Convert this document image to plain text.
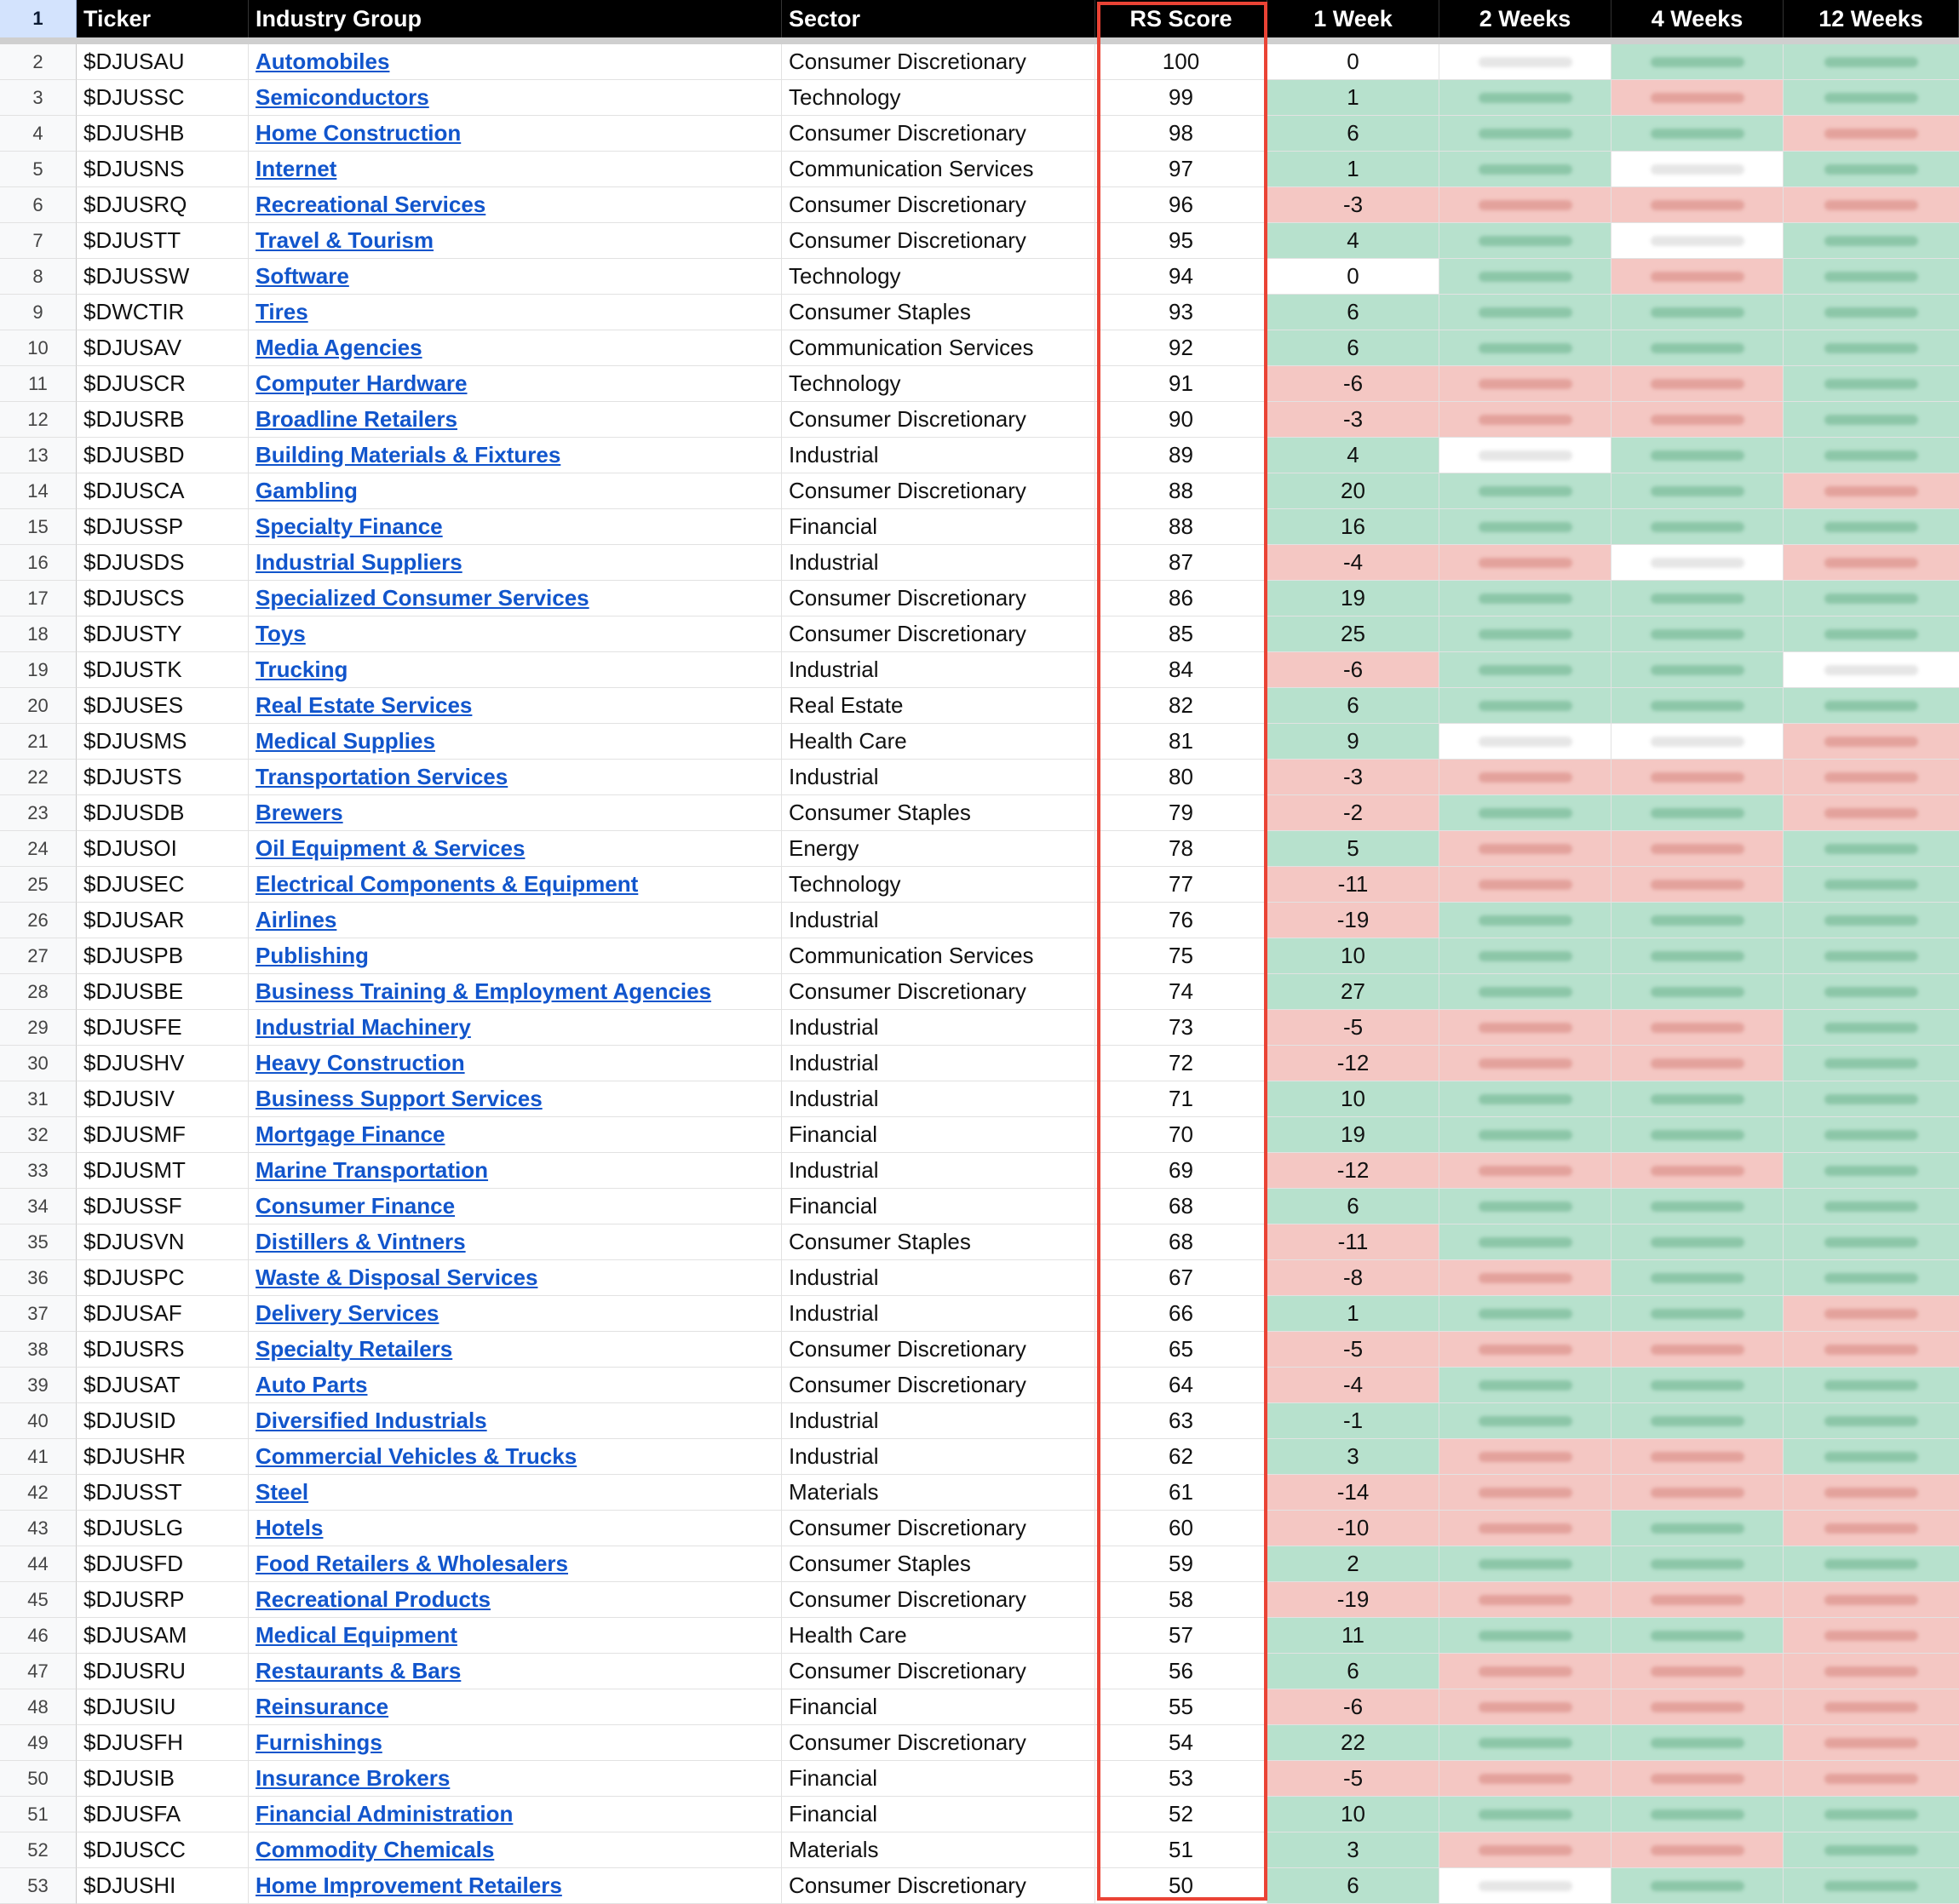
1	Ticker	Industry Group	Sector	RS Score	1 Week	2 Weeks	4 Weeks	12 Weeks
2	$DJUSAU	Automobiles	Consumer Discretionary	100	0
3	$DJUSSC	Semiconductors	Technology	99	1
4	$DJUSHB	Home Construction	Consumer Discretionary	98	6
5	$DJUSNS	Internet	Communication Services	97	1
6	$DJUSRQ	Recreational Services	Consumer Discretionary	96	-3
7	$DJUSTT	Travel & Tourism	Consumer Discretionary	95	4
8	$DJUSSW	Software	Technology	94	0
9	$DWCTIR	Tires	Consumer Staples	93	6
10	$DJUSAV	Media Agencies	Communication Services	92	6
11	$DJUSCR	Computer Hardware	Technology	91	-6
12	$DJUSRB	Broadline Retailers	Consumer Discretionary	90	-3
13	$DJUSBD	Building Materials & Fixtures	Industrial	89	4
14	$DJUSCA	Gambling	Consumer Discretionary	88	20
15	$DJUSSP	Specialty Finance	Financial	88	16
16	$DJUSDS	Industrial Suppliers	Industrial	87	-4
17	$DJUSCS	Specialized Consumer Services	Consumer Discretionary	86	19
18	$DJUSTY	Toys	Consumer Discretionary	85	25
19	$DJUSTK	Trucking	Industrial	84	-6
20	$DJUSES	Real Estate Services	Real Estate	82	6
21	$DJUSMS	Medical Supplies	Health Care	81	9
22	$DJUSTS	Transportation Services	Industrial	80	-3
23	$DJUSDB	Brewers	Consumer Staples	79	-2
24	$DJUSOI	Oil Equipment & Services	Energy	78	5
25	$DJUSEC	Electrical Components & Equipment	Technology	77	-11
26	$DJUSAR	Airlines	Industrial	76	-19
27	$DJUSPB	Publishing	Communication Services	75	10
28	$DJUSBE	Business Training & Employment Agencies	Consumer Discretionary	74	27
29	$DJUSFE	Industrial Machinery	Industrial	73	-5
30	$DJUSHV	Heavy Construction	Industrial	72	-12
31	$DJUSIV	Business Support Services	Industrial	71	10
32	$DJUSMF	Mortgage Finance	Financial	70	19
33	$DJUSMT	Marine Transportation	Industrial	69	-12
34	$DJUSSF	Consumer Finance	Financial	68	6
35	$DJUSVN	Distillers & Vintners	Consumer Staples	68	-11
36	$DJUSPC	Waste & Disposal Services	Industrial	67	-8
37	$DJUSAF	Delivery Services	Industrial	66	1
38	$DJUSRS	Specialty Retailers	Consumer Discretionary	65	-5
39	$DJUSAT	Auto Parts	Consumer Discretionary	64	-4
40	$DJUSID	Diversified Industrials	Industrial	63	-1
41	$DJUSHR	Commercial Vehicles & Trucks	Industrial	62	3
42	$DJUSST	Steel	Materials	61	-14
43	$DJUSLG	Hotels	Consumer Discretionary	60	-10
44	$DJUSFD	Food Retailers & Wholesalers	Consumer Staples	59	2
45	$DJUSRP	Recreational Products	Consumer Discretionary	58	-19
46	$DJUSAM	Medical Equipment	Health Care	57	11
47	$DJUSRU	Restaurants & Bars	Consumer Discretionary	56	6
48	$DJUSIU	Reinsurance	Financial	55	-6
49	$DJUSFH	Furnishings	Consumer Discretionary	54	22
50	$DJUSIB	Insurance Brokers	Financial	53	-5
51	$DJUSFA	Financial Administration	Financial	52	10
52	$DJUSCC	Commodity Chemicals	Materials	51	3
53	$DJUSHI	Home Improvement Retailers	Consumer Discretionary	50	6
